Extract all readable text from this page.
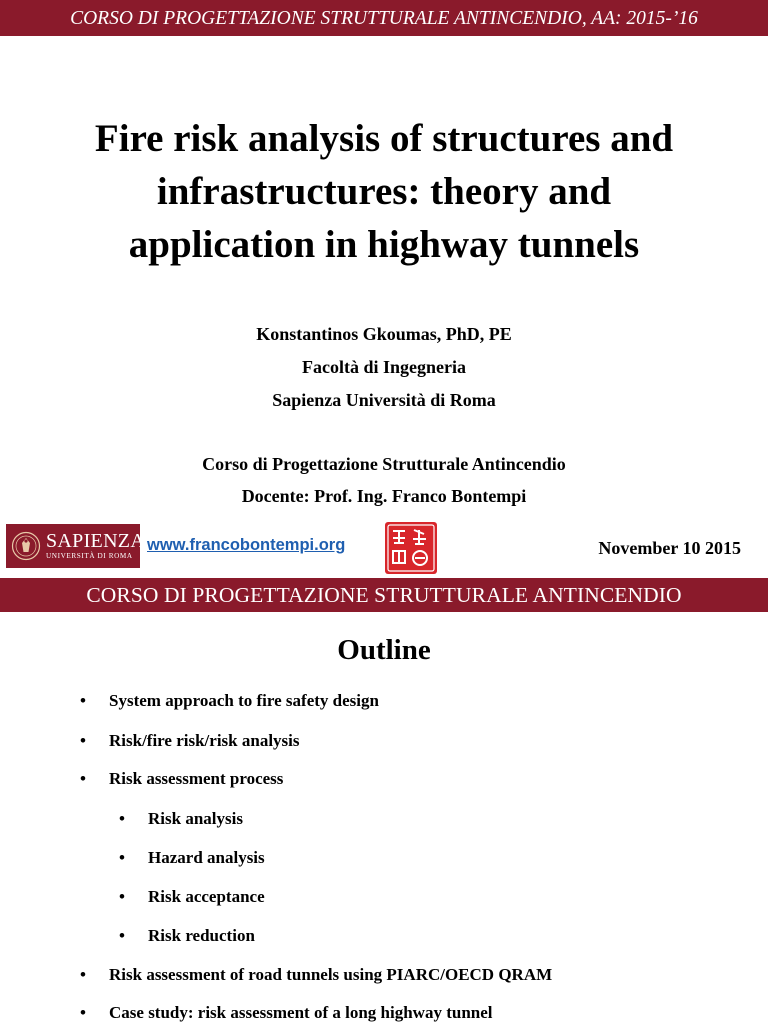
CORSO DI PROGETTAZIONE STRUTTURALE ANTINCENDIO, AA: 2015-’16
Fire risk analysis of structures and
infrastructures: theory and
application in highway tunnels
Konstantinos Gkoumas, PhD, PE
Facoltà di Ingegneria
Sapienza Università di Roma
Corso di Progettazione Strutturale Antincendio
Docente: Prof. Ing. Franco Bontempi
SAPIENZA
UNIVERSITÀ DI ROMA
www.francobontempi.org	November 10 2015
CORSO DI PROGETTAZIONE STRUTTURALE ANTINCENDIO
Outline
• System approach to fire safety design
• Risk/fire risk/risk analysis
• Risk assessment process
• Risk analysis
• Hazard analysis
• Risk acceptance
• Risk reduction
• Risk assessment of road tunnels using PIARC/OECD QRAM
• Case study: risk assessment of a long highway tunnel
